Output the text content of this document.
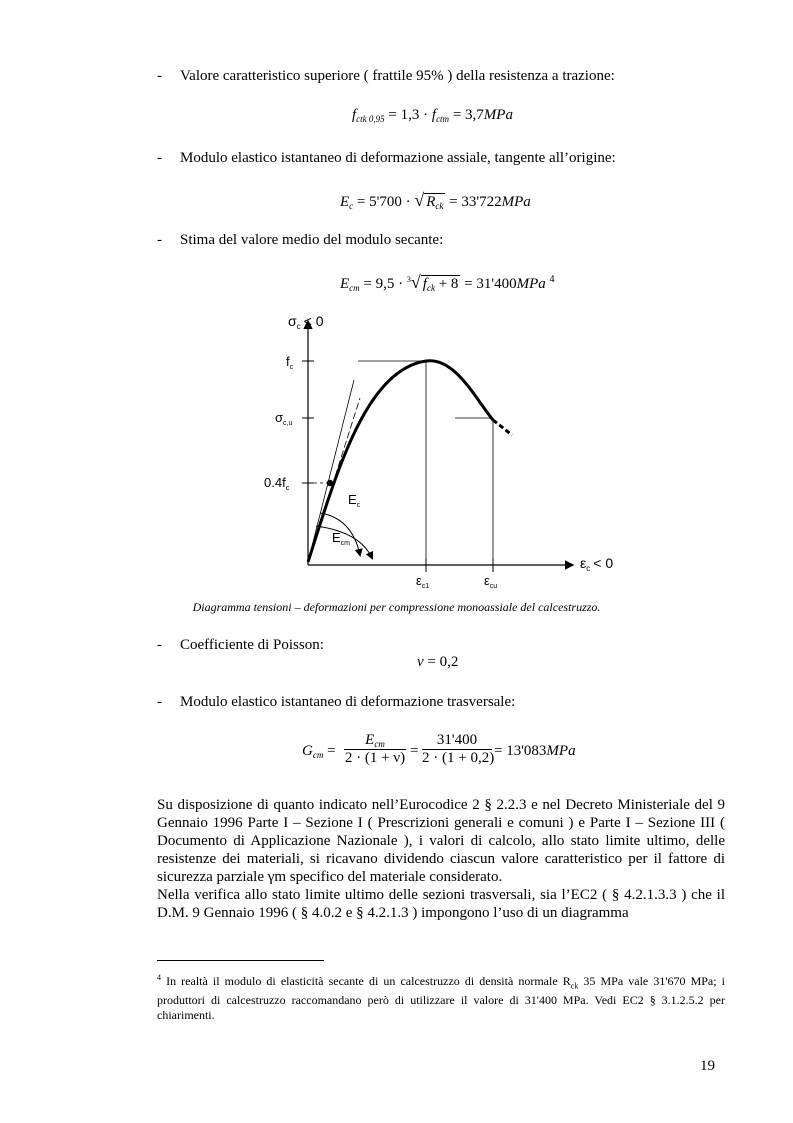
- Valore caratteristico superiore ( frattile 95% ) della resistenza a trazione:
$f_{ctk 0,95} = 1,3 \cdot f_{ctm} = 3,7MPa$
- Modulo elastico istantaneo di deformazione assiale, tangente all’origine:
$E_c = 5'700$ · √ $R_{ck} = 33'722MPa$
- Stima del valore medio del modulo secante:
$E_{cm} = 9,5 \cdot ^3√$ $f_{ck} + 8 = 31'400MPa$ $^4$
$\sigma_c < 0$
$\varepsilon_c < 0$
$f_c$
$\sigma_{c,u}$
$0.4f_c$
$E_c$
$E_{cm}$
$\varepsilon_{c1}$	$\varepsilon_{cu}$
Diagramma tensioni – deformazioni per compressione monoassiale del calcestruzzo.
- Coefficiente di Poisson:
ν = 0,2
- Modulo elastico istantaneo di deformazione trasversale:
$G_{cm}$ =
$E_{cm}$
2 · (1 + ν) =
31'400
2 · (1 + 0,2) = 13'083MPa
Su disposizione di quanto indicato nell’Eurocodice 2 § 2.2.3 e nel Decreto Ministeriale del 9 Gennaio 1996 Parte I – Sezione I ( Prescrizioni generali e comuni ) e Parte I – Sezione III ( Documento di Applicazione Nazionale ), i valori di calcolo, allo stato limite ultimo, delle resistenze dei materiali, si ricavano dividendo ciascun valore caratteristico per il fattore di sicurezza parziale γm specifico del materiale considerato.
Nella verifica allo stato limite ultimo delle sezioni trasversali, sia l’EC2 ( § 4.2.1.3.3 ) che il D.M. 9 Gennaio 1996 ( § 4.0.2 e § 4.2.1.3 ) impongono l’uso di un diagramma
$^4$ In realtà il modulo di elasticità secante di un calcestruzzo di densità normale $R_{ck}$ 35 MPa vale 31'670 MPa; i produttori di calcestruzzo raccomandano però di utilizzare il valore di 31'400 MPa. Vedi EC2 § 3.1.2.5.2 per chiarimenti.
19
